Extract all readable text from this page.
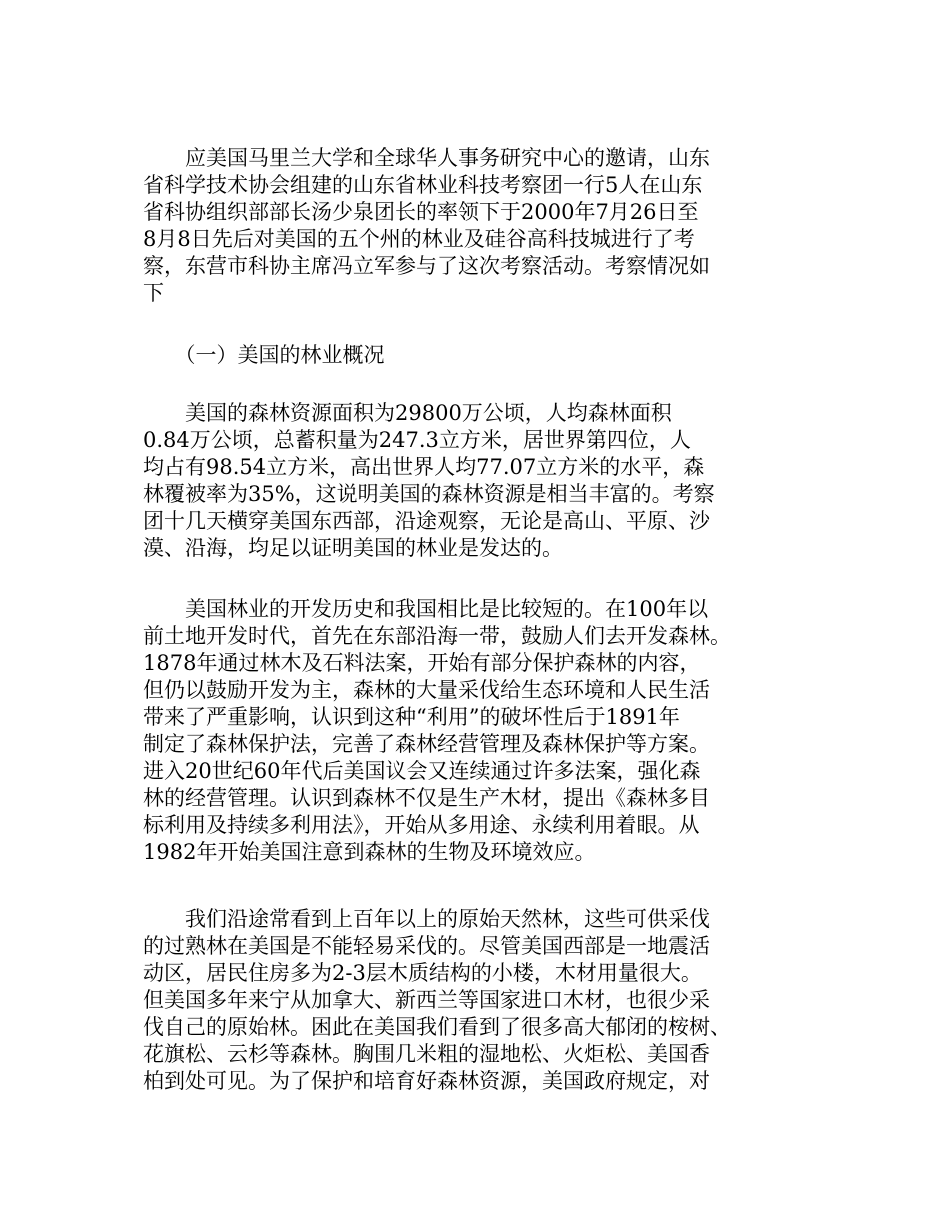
　　应美国马里兰大学和全球华人事务研究中心的邀请，山东
省科学技术协会组建的山东省林业科技考察团一行5人在山东
省科协组织部部长汤少泉团长的率领下于2000年7月26日至
8月8日先后对美国的五个州的林业及硅谷高科技城进行了考
察，东营市科协主席冯立军参与了这次考察活动。考察情况如
下
　　（一）美国的林业概况
　　美国的森林资源面积为29800万公顷，人均森林面积
0.84万公顷，总蓄积量为247.3立方米，居世界第四位，人
均占有98.54立方米，高出世界人均77.07立方米的水平，森
林覆被率为35%，这说明美国的森林资源是相当丰富的。考察
团十几天横穿美国东西部，沿途观察，无论是高山、平原、沙
漠、沿海，均足以证明美国的林业是发达的。
　　美国林业的开发历史和我国相比是比较短的。在100年以
前土地开发时代，首先在东部沿海一带，鼓励人们去开发森林。
1878年通过林木及石料法案，开始有部分保护森林的内容，
但仍以鼓励开发为主，森林的大量采伐给生态环境和人民生活
带来了严重影响，认识到这种“利用”的破坏性后于1891年
制定了森林保护法，完善了森林经营管理及森林保护等方案。
进入20世纪60年代后美国议会又连续通过许多法案，强化森
林的经营管理。认识到森林不仅是生产木材，提出《森林多目
标利用及持续多利用法》，开始从多用途、永续利用着眼。从
1982年开始美国注意到森林的生物及环境效应。
　　我们沿途常看到上百年以上的原始天然林，这些可供采伐
的过熟林在美国是不能轻易采伐的。尽管美国西部是一地震活
动区，居民住房多为2-3层木质结构的小楼，木材用量很大。
但美国多年来宁从加拿大、新西兰等国家进口木材，也很少采
伐自己的原始林。困此在美国我们看到了很多高大郁闭的桉树、
花旗松、云杉等森林。胸围几米粗的湿地松、火炬松、美国香
柏到处可见。为了保护和培育好森林资源，美国政府规定，对
